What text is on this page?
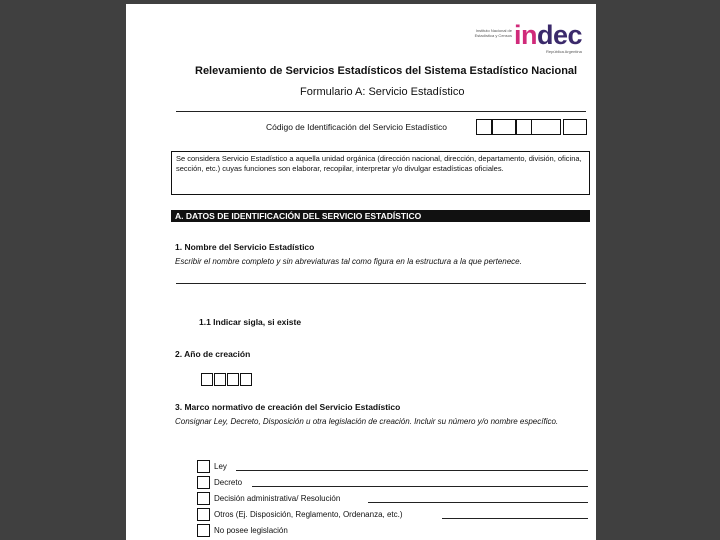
Instituto Nacional de Estadística y Censos indec
República Argentina
Relevamiento de Servicios Estadísticos del Sistema Estadístico Nacional
Formulario A: Servicio Estadístico
Código de Identificación del Servicio Estadístico
Se considera Servicio Estadístico a aquella unidad orgánica (dirección nacional, dirección, departamento, división, oficina, sección, etc.) cuyas funciones son elaborar, recopilar, interpretar y/o divulgar estadísticas oficiales.
A. DATOS DE IDENTIFICACIÓN DEL SERVICIO ESTADÍSTICO
1. Nombre del Servicio Estadístico
Escribir el nombre completo y sin abreviaturas tal como figura en la estructura a la que pertenece.
1.1 Indicar sigla, si existe
2. Año de creación
3. Marco normativo de creación del Servicio Estadístico
Consignar Ley, Decreto, Disposición u otra legislación de creación. Incluir su número y/o nombre específico.
Ley
Decreto
Decisión administrativa/ Resolución
Otros (Ej. Disposición, Reglamento, Ordenanza, etc.)
No posee legislación
